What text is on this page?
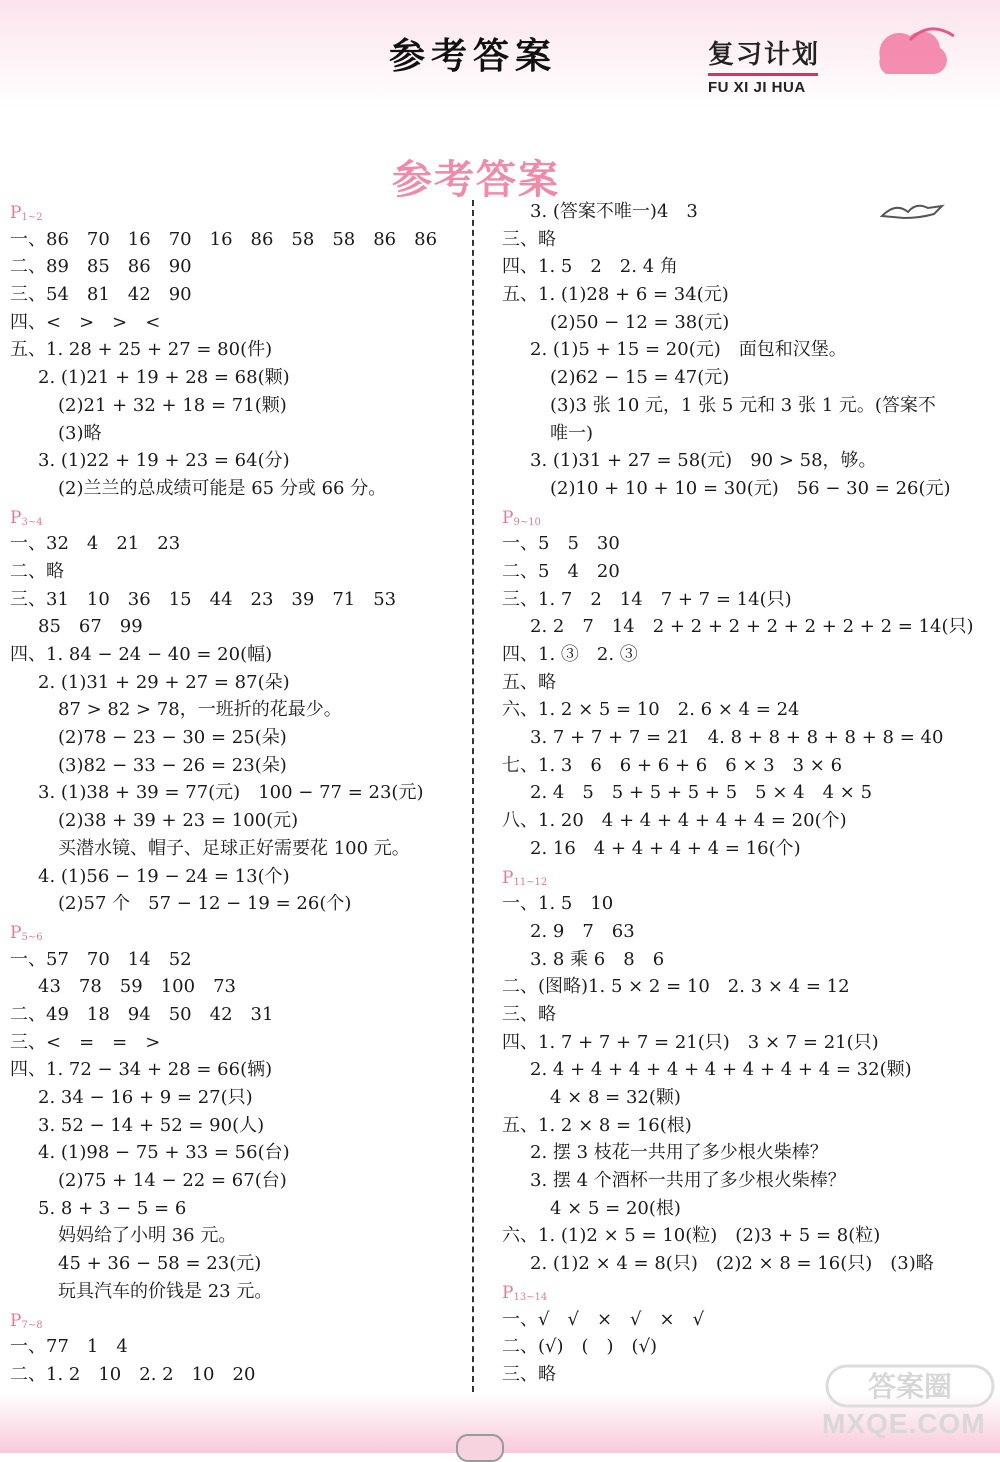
参考答案	复习计划
FU XI JI HUA
参考答案
$P_{1\sim 2}$
一、86　70　16　70　16　86　58　58　86　86
二、89　85　86　90
三、54　81　42　90
四、<　>　>　<
五、1. 28 + 25 + 27 = 80(件)
2. (1)21 + 19 + 28 = 68(颗)
(2)21 + 32 + 18 = 71(颗)
(3)略
3. (1)22 + 19 + 23 = 64(分)
(2)兰兰的总成绩可能是 65 分或 66 分。
$P_{3\sim 4}$
一、32　4　21　23
二、略
三、31　10　36　15　44　23　39　71　53
85　67　99
四、1. 84 − 24 − 40 = 20(幅)
2. (1)31 + 29 + 27 = 87(朵)
87 > 82 > 78，一班折的花最少。
(2)78 − 23 − 30 = 25(朵)
(3)82 − 33 − 26 = 23(朵)
3. (1)38 + 39 = 77(元)　100 − 77 = 23(元)
(2)38 + 39 + 23 = 100(元)
买潜水镜、帽子、足球正好需要花 100 元。
4. (1)56 − 19 − 24 = 13(个)
(2)57 个　57 − 12 − 19 = 26(个)
$P_{5\sim 6}$
一、57　70　14　52
43　78　59　100　73
二、49　18　94　50　42　31
三、<　=　=　>
四、1. 72 − 34 + 28 = 66(辆)
2. 34 − 16 + 9 = 27(只)
3. 52 − 14 + 52 = 90(人)
4. (1)98 − 75 + 33 = 56(台)
(2)75 + 14 − 22 = 67(台)
5. 8 + 3 − 5 = 6
妈妈给了小明 36 元。
45 + 36 − 58 = 23(元)
玩具汽车的价钱是 23 元。
$P_{7\sim 8}$
一、77　1　4
二、1. 2　10　2. 2　10　20
3. (答案不唯一)4　3
三、略
四、1. 5　2　2. 4 角
五、1. (1)28 + 6 = 34(元)
(2)50 − 12 = 38(元)
2. (1)5 + 15 = 20(元)　面包和汉堡。
(2)62 − 15 = 47(元)
(3)3 张 10 元，1 张 5 元和 3 张 1 元。(答案不
唯一)
3. (1)31 + 27 = 58(元)　90 > 58，够。
(2)10 + 10 + 10 = 30(元)　56 − 30 = 26(元)
$P_{9\sim 10}$
一、5　5　30
二、5　4　20
三、1. 7　2　14　7 + 7 = 14(只)
2. 2　7　14　2 + 2 + 2 + 2 + 2 + 2 + 2 = 14(只)
四、1. ③　2. ③
五、略
六、1. 2 × 5 = 10　2. 6 × 4 = 24
3. 7 + 7 + 7 = 21　4. 8 + 8 + 8 + 8 + 8 = 40
七、1. 3　6　6 + 6 + 6　6 × 3　3 × 6
2. 4　5　5 + 5 + 5 + 5　5 × 4　4 × 5
八、1. 20　4 + 4 + 4 + 4 + 4 = 20(个)
2. 16　4 + 4 + 4 + 4 = 16(个)
$P_{11\sim 12}$
一、1. 5　10
2. 9　7　63
3. 8 乘 6　8　6
二、(图略)1. 5 × 2 = 10　2. 3 × 4 = 12
三、略
四、1. 7 + 7 + 7 = 21(只)　3 × 7 = 21(只)
2. 4 + 4 + 4 + 4 + 4 + 4 + 4 + 4 = 32(颗)
4 × 8 = 32(颗)
五、1. 2 × 8 = 16(根)
2. 摆 3 枝花一共用了多少根火柴棒？
3. 摆 4 个酒杯一共用了多少根火柴棒？
4 × 5 = 20(根)
六、1. (1)2 × 5 = 10(粒)　(2)3 + 5 = 8(粒)
2. (1)2 × 4 = 8(只)　(2)2 × 8 = 16(只)　(3)略
$P_{13\sim 14}$
一、√　√　×　√　×　√
二、(√)　(　)　(√)
三、略	答案圈
MXQE.COM
